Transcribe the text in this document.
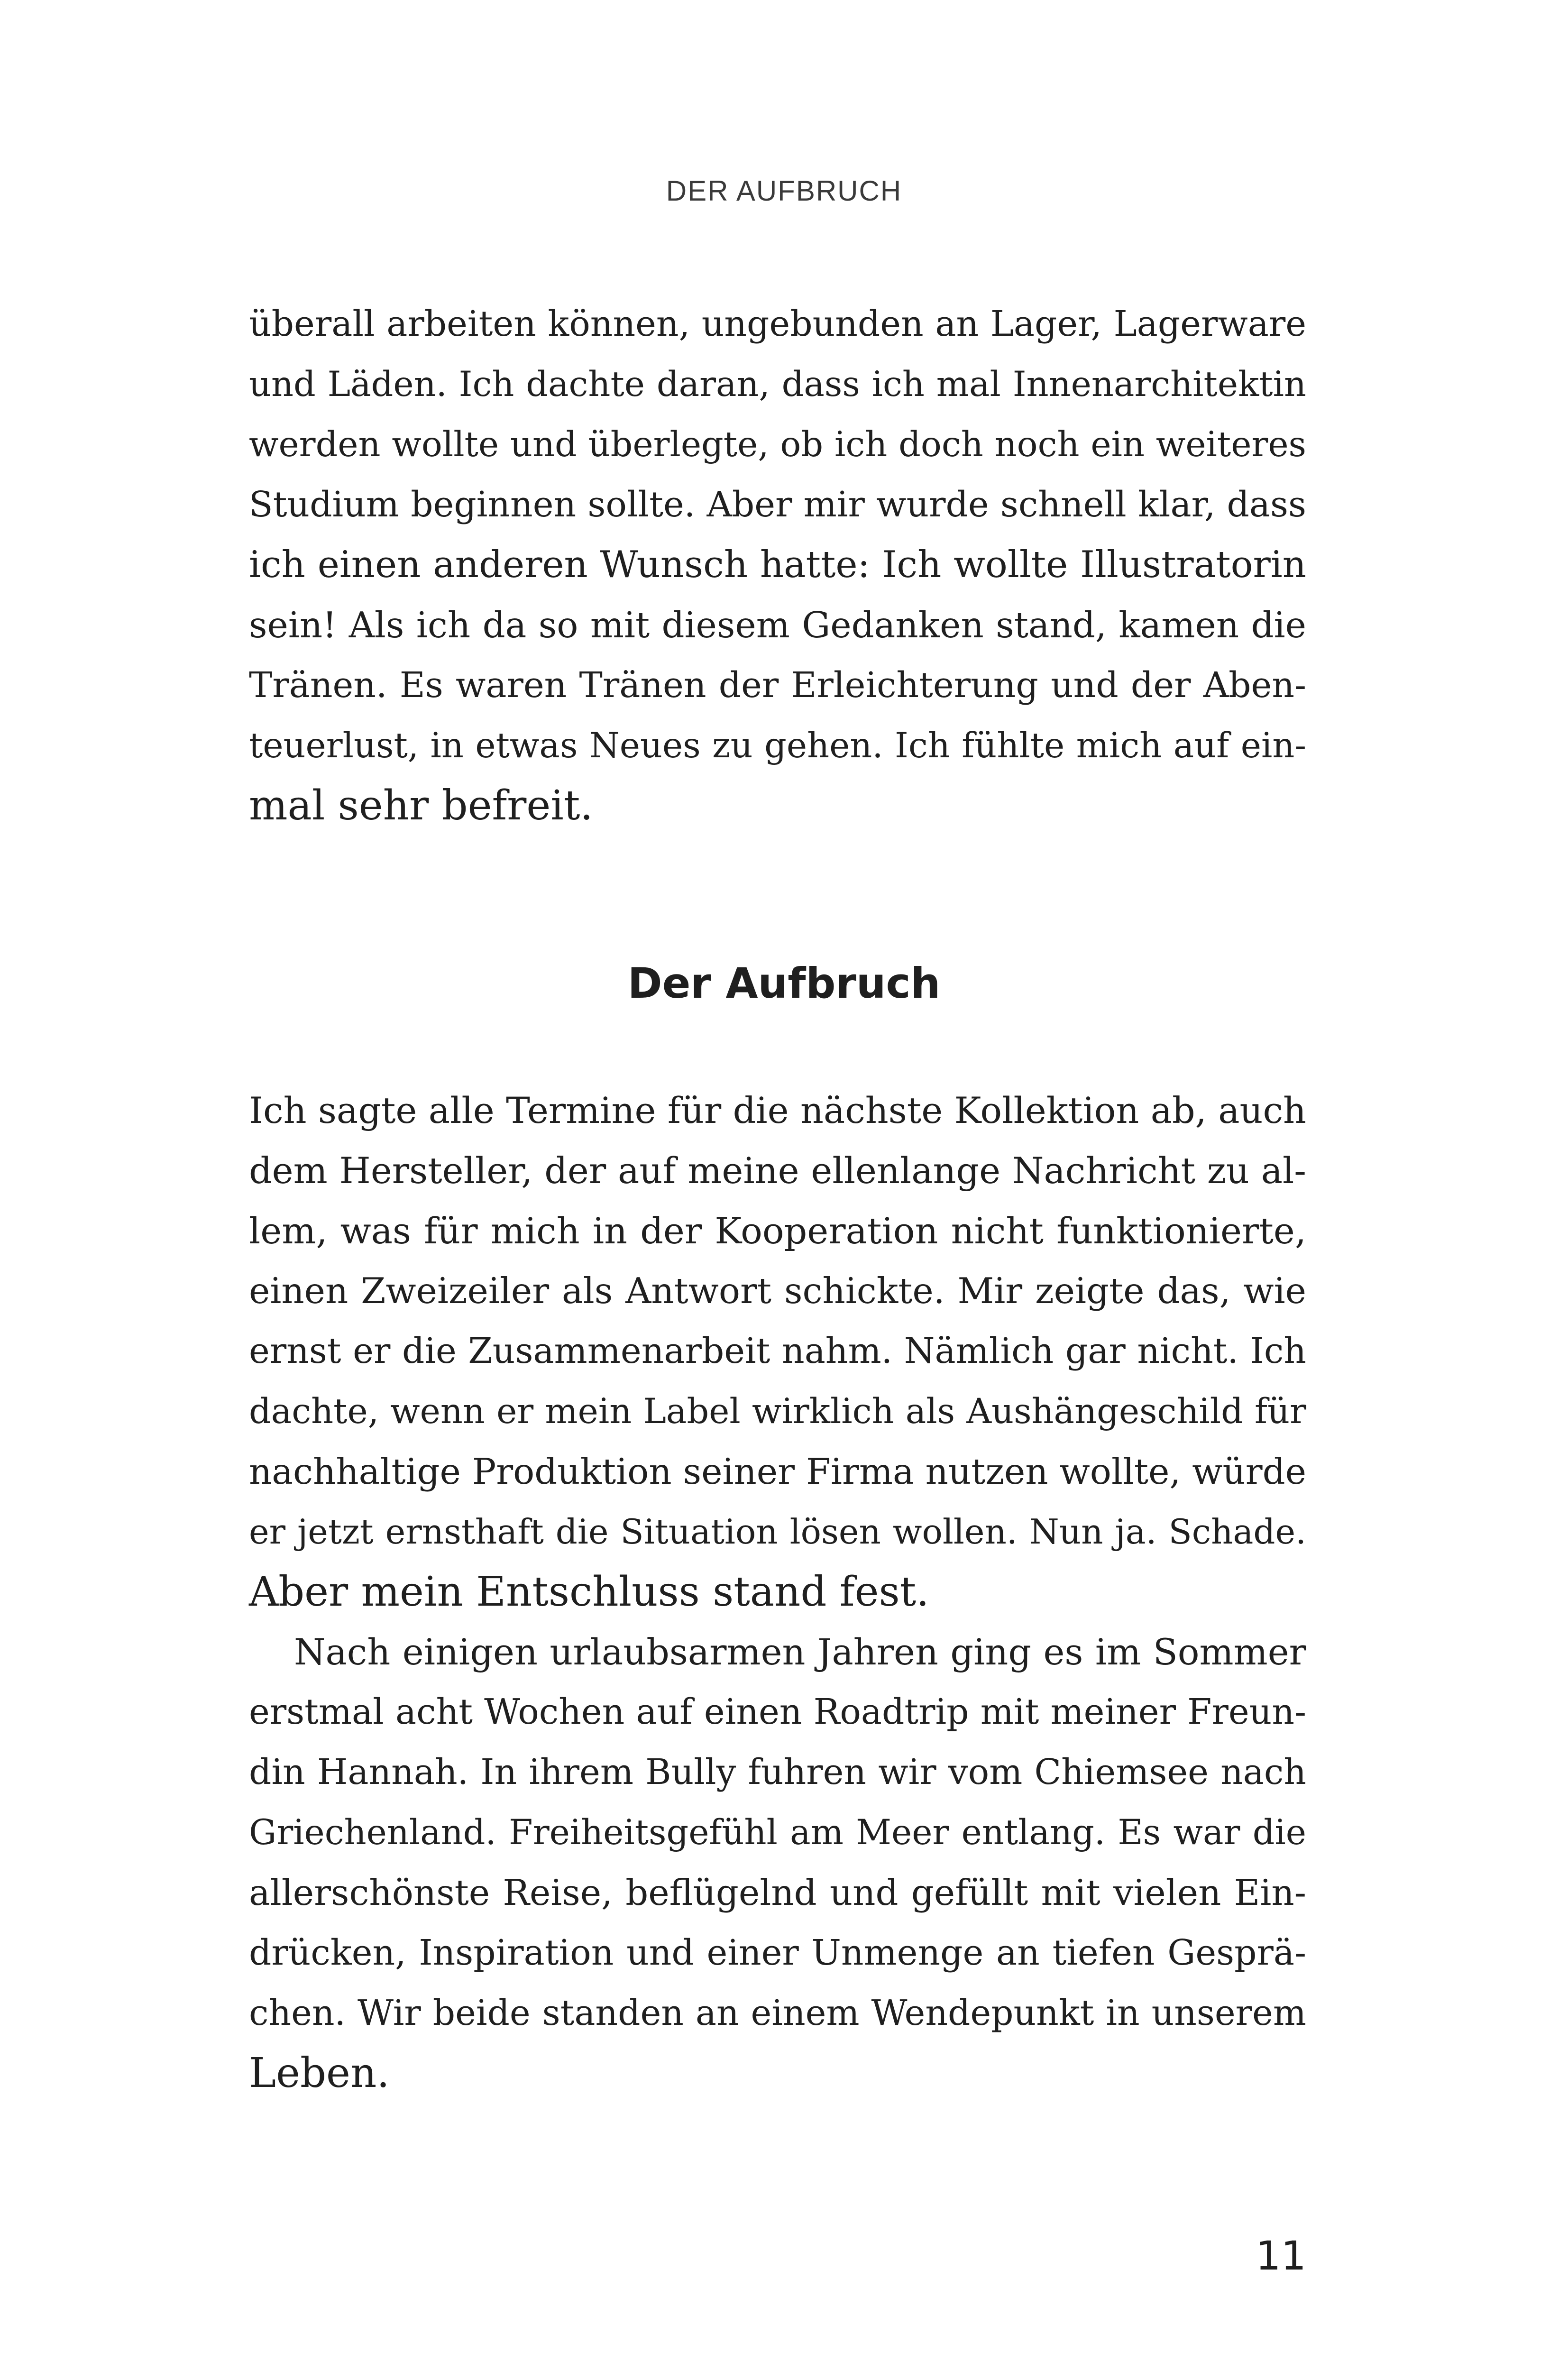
DER AUFBRUCH
überall arbeiten können, ungebunden an Lager, Lagerware
und Läden. Ich dachte daran, dass ich mal Innenarchitektin
werden wollte und überlegte, ob ich doch noch ein weiteres
Studium beginnen sollte. Aber mir wurde schnell klar, dass
ich einen anderen Wunsch hatte: Ich wollte Illustratorin
sein! Als ich da so mit diesem Gedanken stand, kamen die
Tränen. Es waren Tränen der Erleichterung und der Aben-
teuerlust, in etwas Neues zu gehen. Ich fühlte mich auf ein-
mal sehr befreit.
Der Aufbruch
Ich sagte alle Termine für die nächste Kollektion ab, auch
dem Hersteller, der auf meine ellenlange Nachricht zu al-
lem, was für mich in der Kooperation nicht funktionierte,
einen Zweizeiler als Antwort schickte. Mir zeigte das, wie
ernst er die Zusammenarbeit nahm. Nämlich gar nicht. Ich
dachte, wenn er mein Label wirklich als Aushängeschild für
nachhaltige Produktion seiner Firma nutzen wollte, würde
er jetzt ernsthaft die Situation lösen wollen. Nun ja. Schade.
Aber mein Entschluss stand fest.
Nach einigen urlaubsarmen Jahren ging es im Sommer
erstmal acht Wochen auf einen Roadtrip mit meiner Freun-
din Hannah. In ihrem Bully fuhren wir vom Chiemsee nach
Griechenland. Freiheitsgefühl am Meer entlang. Es war die
allerschönste Reise, beflügelnd und gefüllt mit vielen Ein-
drücken, Inspiration und einer Unmenge an tiefen Gesprä-
chen. Wir beide standen an einem Wendepunkt in unserem
Leben.
11
